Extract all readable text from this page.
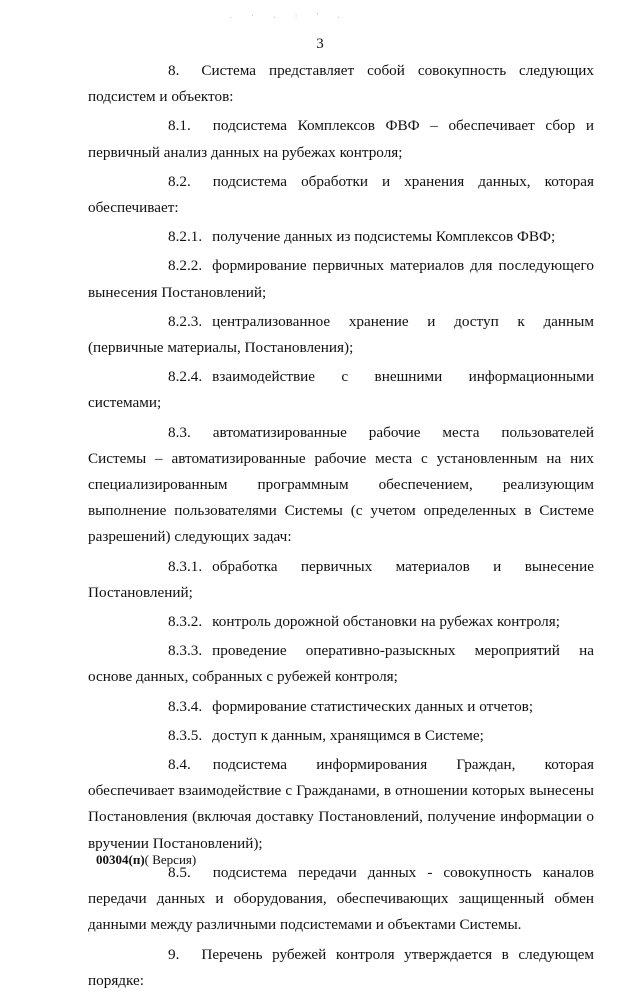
. · . : ' .
3

8. Система представляет собой совокупность следующих подсистем и объектов:

8.1. подсистема Комплексов ФВФ – обеспечивает сбор и первичный анализ данных на рубежах контроля;

8.2. подсистема обработки и хранения данных, которая обеспечивает:

8.2.1. получение данных из подсистемы Комплексов ФВФ;

8.2.2. формирование первичных материалов для последующего вынесения Постановлений;

8.2.3. централизованное хранение и доступ к данным (первичные материалы, Постановления);

8.2.4. взаимодействие с внешними информационными системами;

8.3. автоматизированные рабочие места пользователей Системы – автоматизированные рабочие места с установленным на них специализированным программным обеспечением, реализующим выполнение пользователями Системы (с учетом определенных в Системе разрешений) следующих задач:

8.3.1. обработка первичных материалов и вынесение Постановлений;

8.3.2. контроль дорожной обстановки на рубежах контроля;

8.3.3. проведение оперативно-разыскных мероприятий на основе данных, собранных с рубежей контроля;

8.3.4. формирование статистических данных и отчетов;

8.3.5. доступ к данным, хранящимся в Системе;

8.4. подсистема информирования Граждан, которая обеспечивает взаимодействие с Гражданами, в отношении которых вынесены Постановления (включая доставку Постановлений, получение информации о вручении Постановлений);

8.5. подсистема передачи данных - совокупность каналов передачи данных и оборудования, обеспечивающих защищенный обмен данными между различными подсистемами и объектами Системы.

9. Перечень рубежей контроля утверждается в следующем порядке:

00304(п)( Версия)
